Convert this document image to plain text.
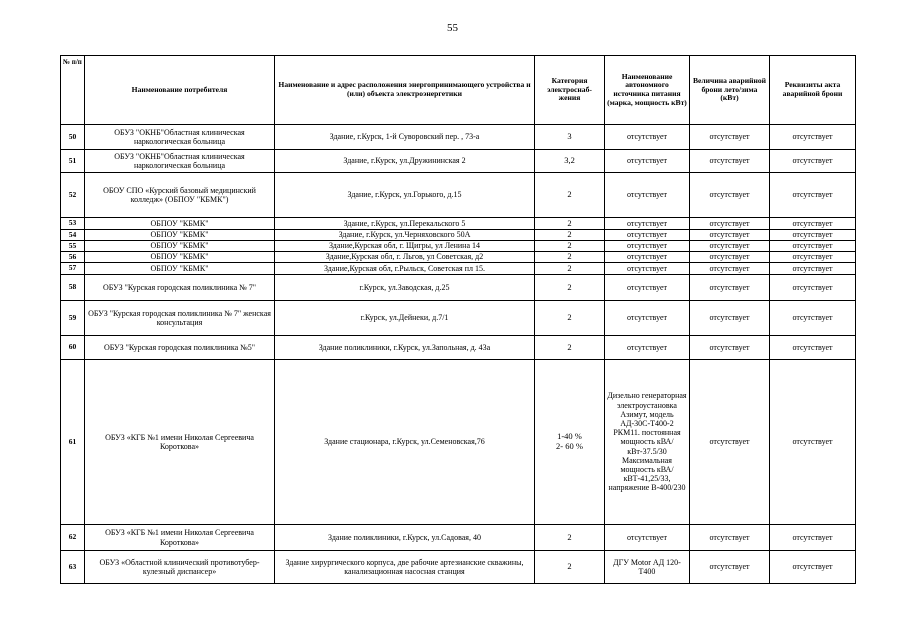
55
№ п/п	Наименование потребителя	Наименование и адрес расположения энергопринимающего устройства и (или) объекта электроэнергетики	Категория электроснаб-жения	Наименование автономного источника питания (марка, мощность кВт)	Величина аварийной брони лето/зима (кВт)	Реквизиты акта аварийной брони
50	ОБУЗ "ОКНБ"Областная клиническая наркологическая больница	Здание, г.Курск, 1-й Суворовский пер. , 73-а	3	отсутствует	отсутствует	отсутствует
51	ОБУЗ "ОКНБ"Областная клиническая наркологическая больница	Здание, г.Курск, ул.Дружининская 2	3,2	отсутствует	отсутствует	отсутствует
52	ОБОУ СПО «Курский базовый медицинский колледж» (ОБПОУ "КБМК")	Здание, г.Курск, ул.Горького, д.15	2	отсутствует	отсутствует	отсутствует
53	ОБПОУ "КБМК"	Здание, г.Курск, ул.Перекальского 5	2	отсутствует	отсутствует	отсутствует
54	ОБПОУ "КБМК"	Здание, г.Курск, ул.Черняховского 50А	2	отсутствует	отсутствует	отсутствует
55	ОБПОУ "КБМК"	Здание,Курская обл, г. Щигры, ул Ленина 14	2	отсутствует	отсутствует	отсутствует
56	ОБПОУ "КБМК"	Здание,Курская обл, г. Льгов, ул Советская, д2	2	отсутствует	отсутствует	отсутствует
57	ОБПОУ "КБМК"	Здание,Курская обл, г.Рыльск, Советская пл 15.	2	отсутствует	отсутствует	отсутствует
58	ОБУЗ "Курская городская поликлиника № 7"	г.Курск, ул.Заводская, д.25	2	отсутствует	отсутствует	отсутствует
59	ОБУЗ "Курская городская поликлиника № 7" женская консультация	г.Курск, ул.Дейнеки, д.7/1	2	отсутствует	отсутствует	отсутствует
60	ОБУЗ "Курская городская поликлиника №5"	Здание поликлиники, г.Курск, ул.Запольная, д. 43а	2	отсутствует	отсутствует	отсутствует
61	ОБУЗ «КГБ №1 имени Николая Сергеевича Короткова»	Здание стационара, г.Курск, ул.Семеновская,76	1-40 %
2- 60 %	Дизельно генераторная электроустановка Азимут, модель АД-30С-Т400-2 РКМ11. постоянная мощность кВА/кВт-37.5/30 Максимальная мощность кВА/кВТ-41,25/33, напряжение В-400/230	отсутствует	отсутствует
62	ОБУЗ «КГБ №1 имени Николая Сергеевича Короткова»	Здание поликлиники, г.Курск, ул.Садовая, 40	2	отсутствует	отсутствует	отсутствует
63	ОБУЗ «Областной клинический противотубер-кулезный диспансер»	Здание хирургического корпуса, две рабочие артезианские скважины, канализационная насосная станция	2	ДГУ Motor АД 120-Т400	отсутствует	отсутствует
